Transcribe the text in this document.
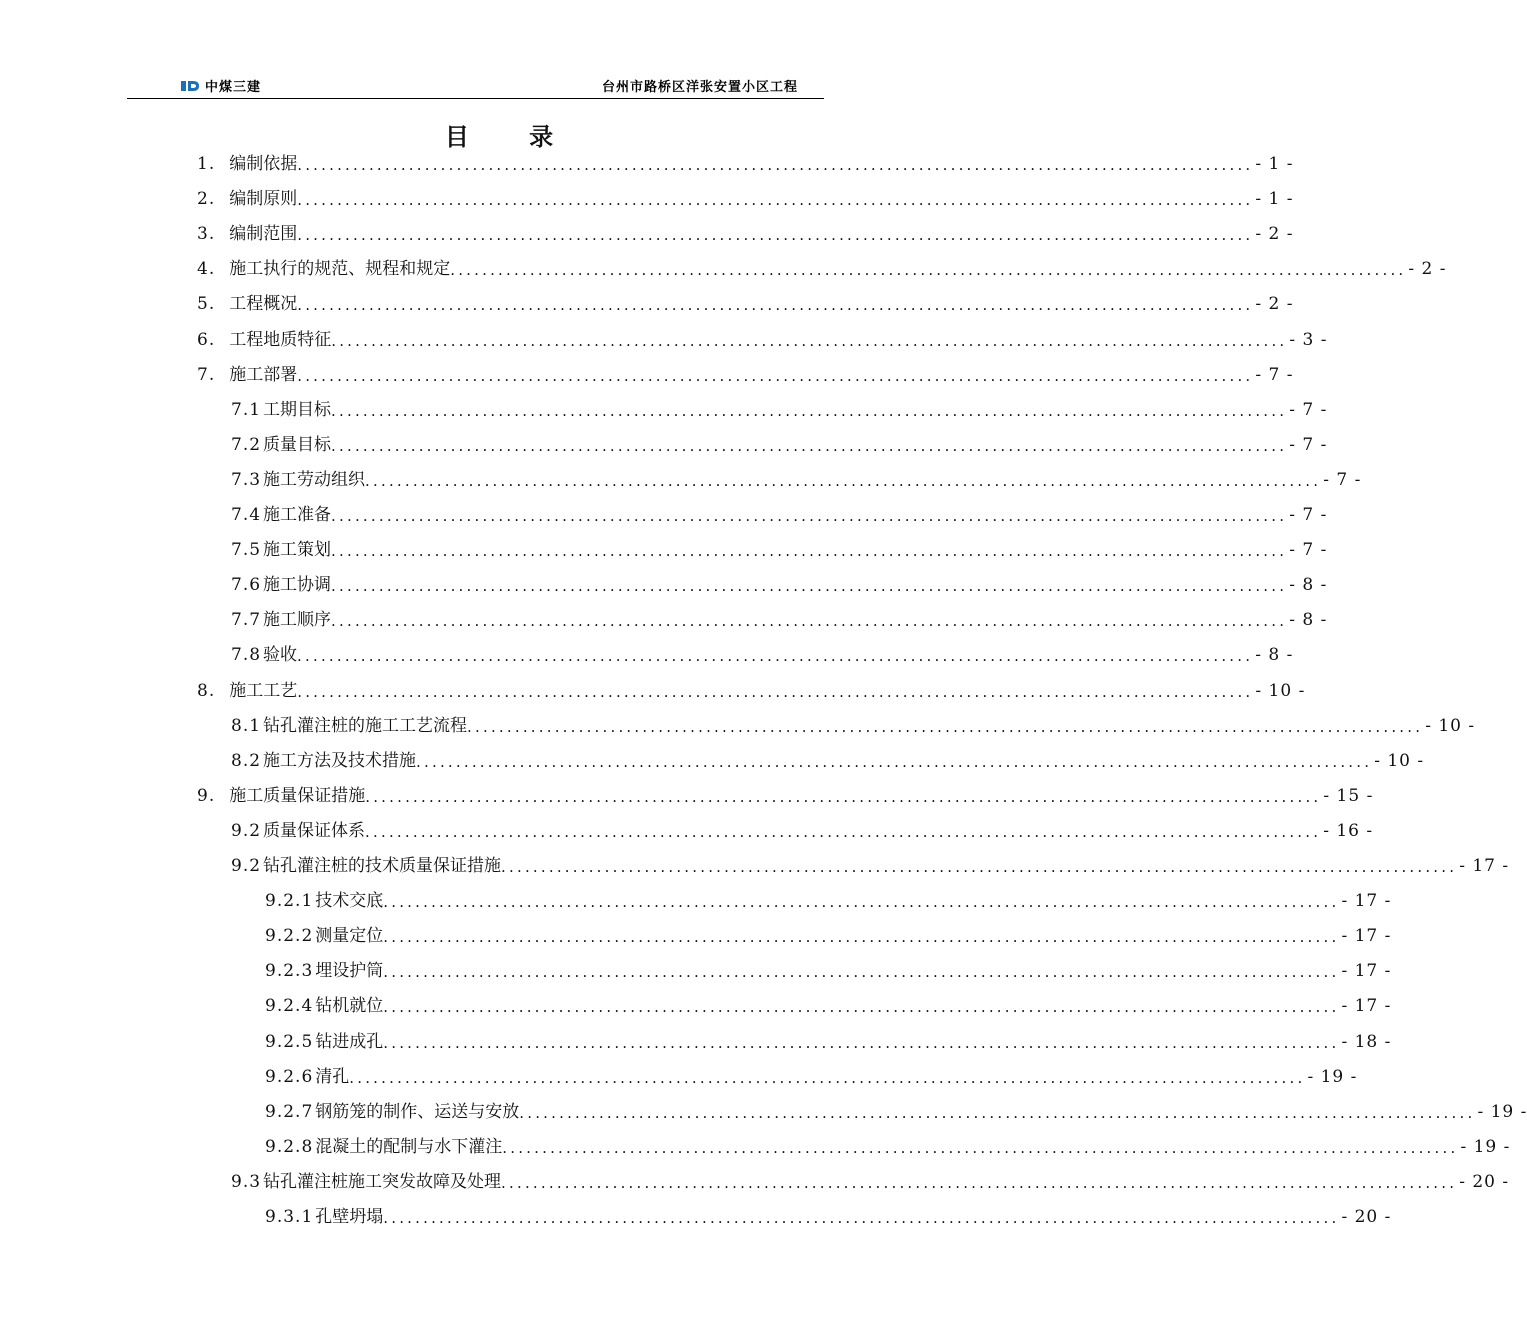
中煤三建	台州市路桥区洋张安置小区工程
目 录
1. 编制依据 ........................................................................................................................ - 1 -
2. 编制原则 ........................................................................................................................ - 1 -
3. 编制范围 ........................................................................................................................ - 2 -
4. 施工执行的规范、规程和规定 ........................................................................................................................ - 2 -
5. 工程概况 ........................................................................................................................ - 2 -
6. 工程地质特征 ........................................................................................................................ - 3 -
7. 施工部署 ........................................................................................................................ - 7 -
7.1 工期目标 ........................................................................................................................ - 7 -
7.2 质量目标 ........................................................................................................................ - 7 -
7.3 施工劳动组织 ........................................................................................................................ - 7 -
7.4 施工准备 ........................................................................................................................ - 7 -
7.5 施工策划 ........................................................................................................................ - 7 -
7.6 施工协调 ........................................................................................................................ - 8 -
7.7 施工顺序 ........................................................................................................................ - 8 -
7.8 验收 ........................................................................................................................ - 8 -
8. 施工工艺 ........................................................................................................................ - 10 -
8.1 钻孔灌注桩的施工工艺流程 ........................................................................................................................ - 10 -
8.2 施工方法及技术措施 ........................................................................................................................ - 10 -
9. 施工质量保证措施 ........................................................................................................................ - 15 -
9.2 质量保证体系 ........................................................................................................................ - 16 -
9.2 钻孔灌注桩的技术质量保证措施 ........................................................................................................................ - 17 -
9.2.1 技术交底 ........................................................................................................................ - 17 -
9.2.2 测量定位 ........................................................................................................................ - 17 -
9.2.3 埋设护筒 ........................................................................................................................ - 17 -
9.2.4 钻机就位 ........................................................................................................................ - 17 -
9.2.5 钻进成孔 ........................................................................................................................ - 18 -
9.2.6 清孔 ........................................................................................................................ - 19 -
9.2.7 钢筋笼的制作、运送与安放 ........................................................................................................................ - 19 -
9.2.8 混凝土的配制与水下灌注 ........................................................................................................................ - 19 -
9.3 钻孔灌注桩施工突发故障及处理 ........................................................................................................................ - 20 -
9.3.1 孔壁坍塌 ........................................................................................................................ - 20 -
